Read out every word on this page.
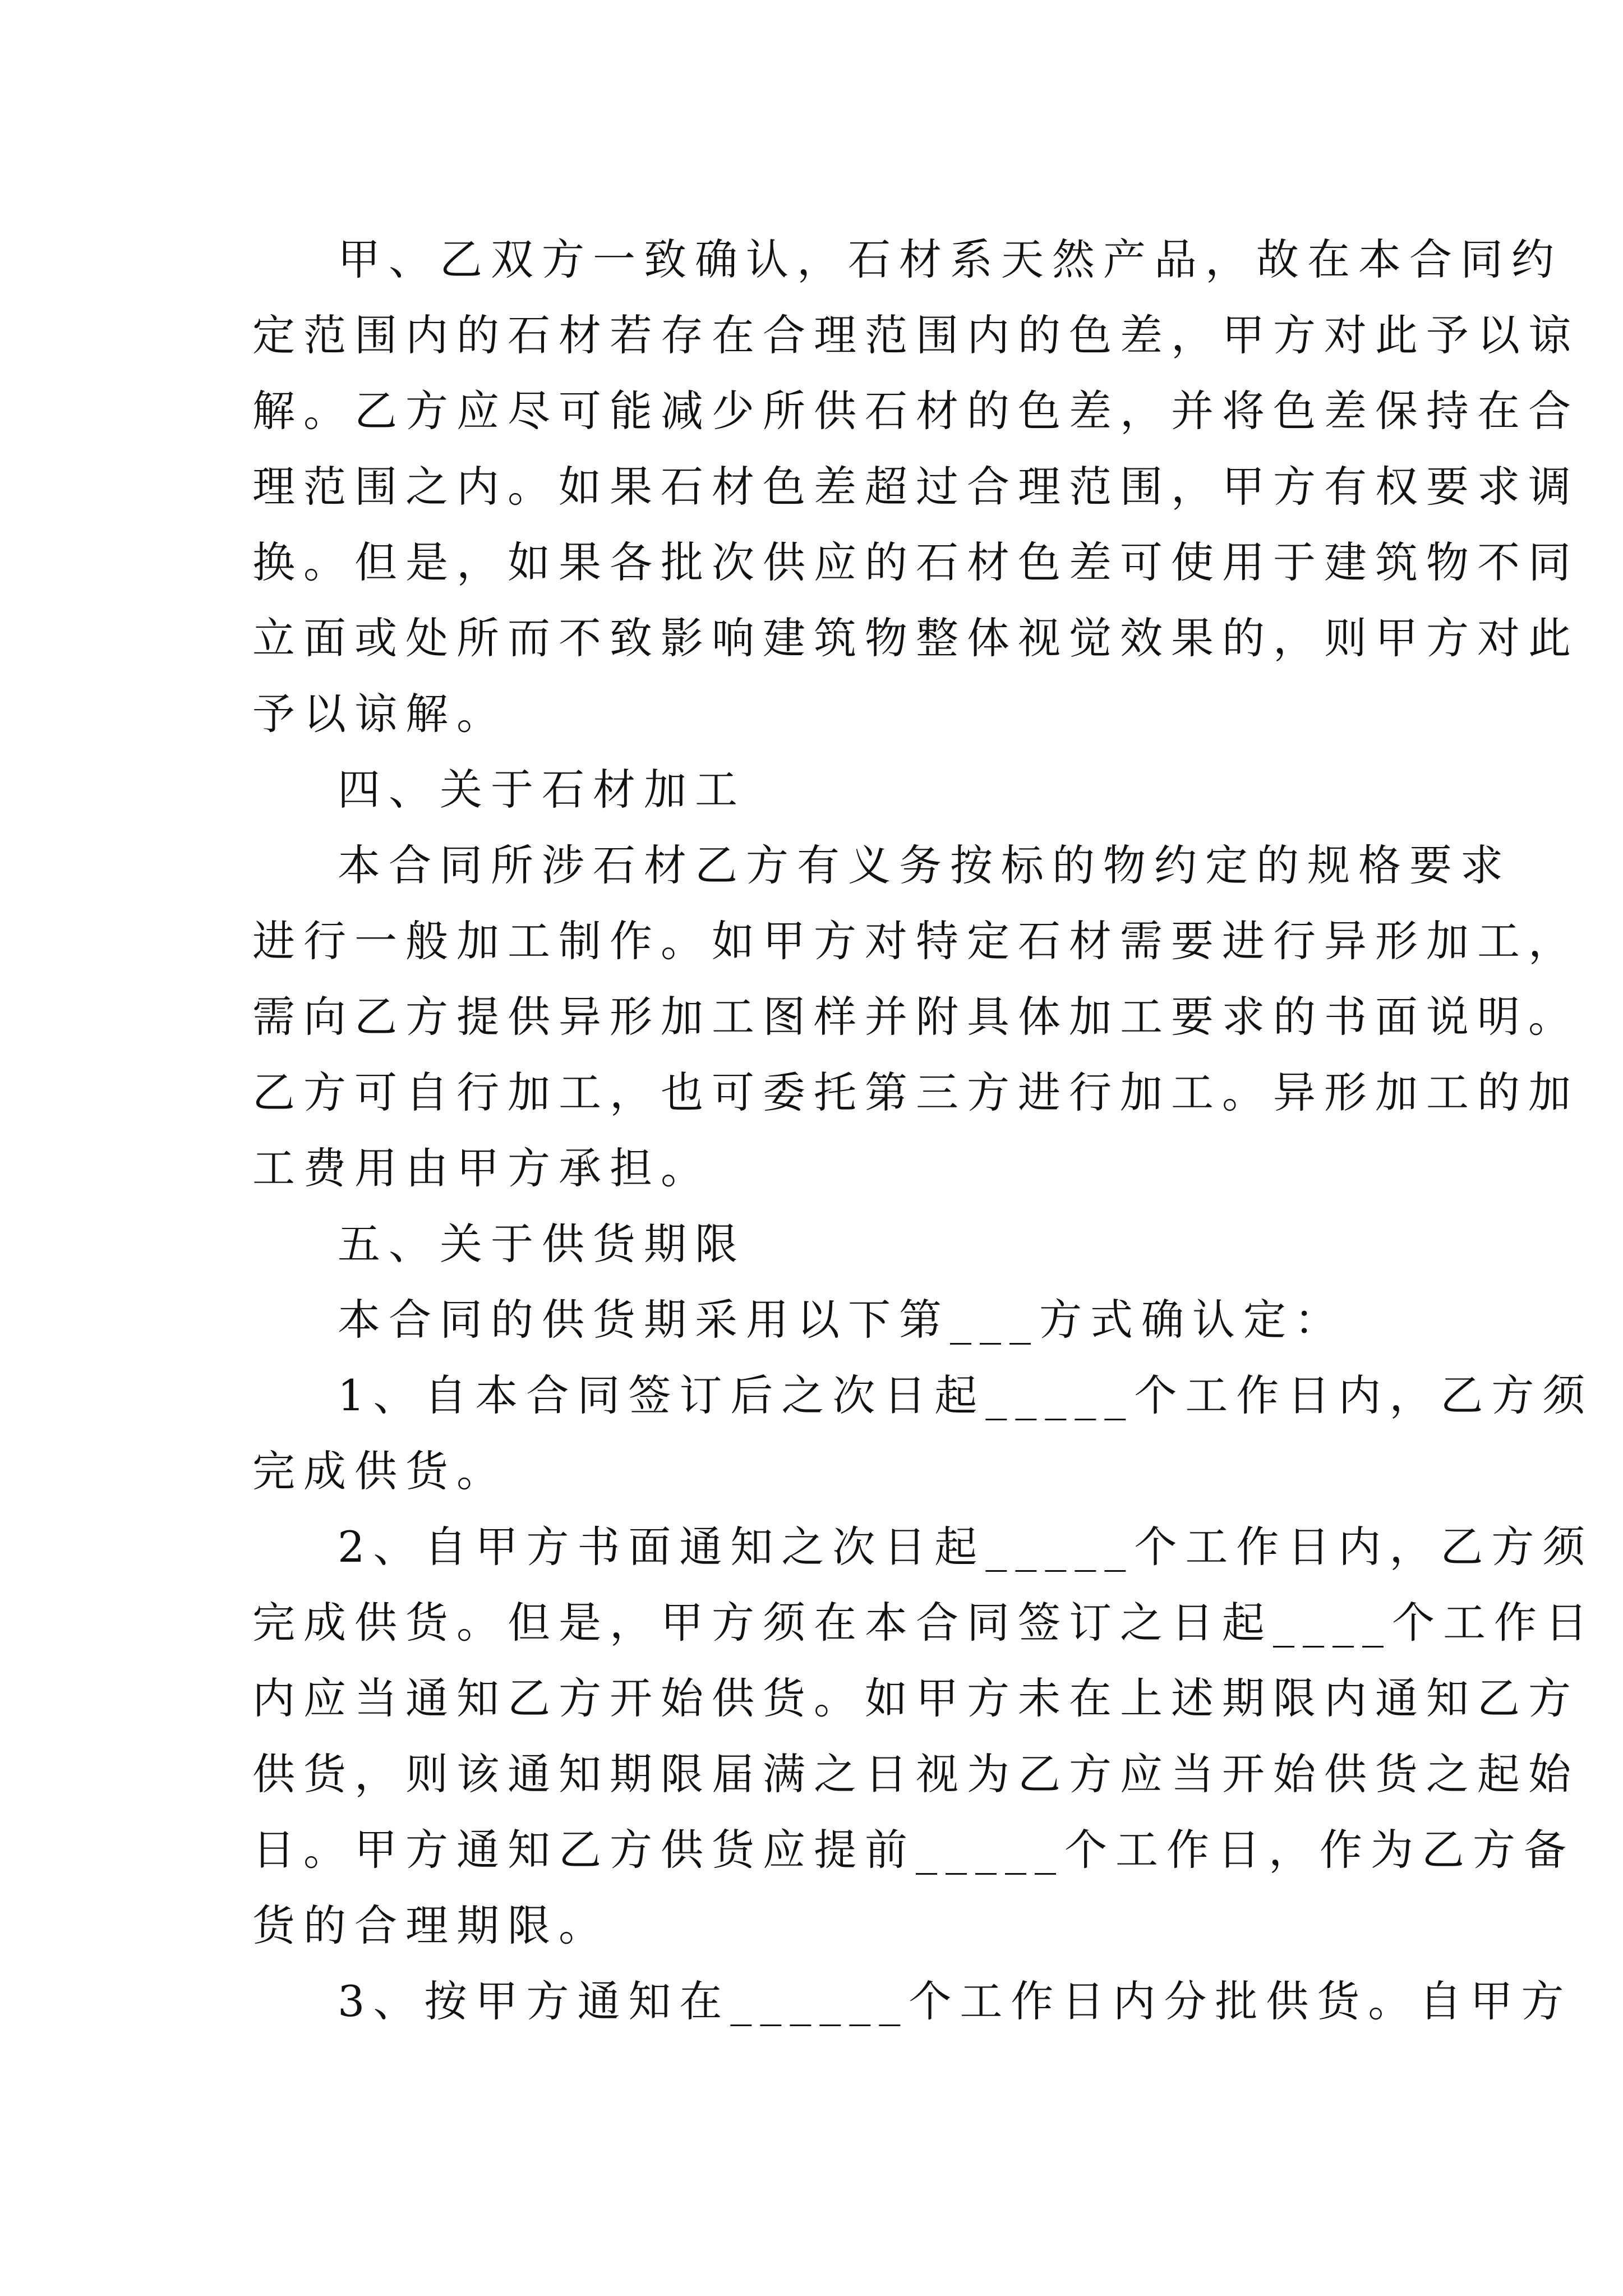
甲、乙双方一致确认，石材系天然产品，故在本合同约
定范围内的石材若存在合理范围内的色差，甲方对此予以谅
解。乙方应尽可能减少所供石材的色差，并将色差保持在合
理范围之内。如果石材色差超过合理范围，甲方有权要求调
换。但是，如果各批次供应的石材色差可使用于建筑物不同
立面或处所而不致影响建筑物整体视觉效果的，则甲方对此
予以谅解。
四、关于石材加工
本合同所涉石材乙方有义务按标的物约定的规格要求
进行一般加工制作。如甲方对特定石材需要进行异形加工，
需向乙方提供异形加工图样并附具体加工要求的书面说明。
乙方可自行加工，也可委托第三方进行加工。异形加工的加
工费用由甲方承担。
五、关于供货期限
本合同的供货期采用以下第___方式确认定：
1、自本合同签订后之次日起_____个工作日内，乙方须
完成供货。
2、自甲方书面通知之次日起_____个工作日内，乙方须
完成供货。但是，甲方须在本合同签订之日起____个工作日
内应当通知乙方开始供货。如甲方未在上述期限内通知乙方
供货，则该通知期限届满之日视为乙方应当开始供货之起始
日。甲方通知乙方供货应提前_____个工作日，作为乙方备
货的合理期限。
3、按甲方通知在______个工作日内分批供货。自甲方
